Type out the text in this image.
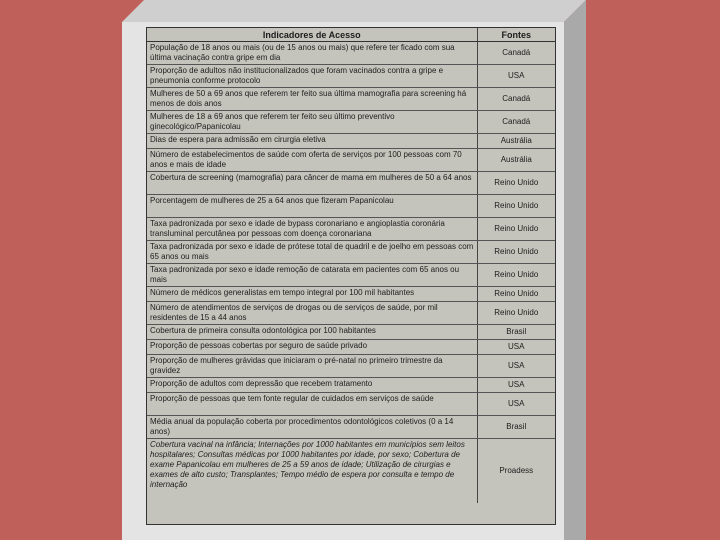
Indicadores de Acesso	Fontes
População de 18 anos ou mais (ou de 15 anos ou mais) que refere ter ficado com sua última vacinação contra gripe em dia	Canadá
Proporção de adultos não institucionalizados que foram vacinados contra a gripe e pneumonia conforme protocolo	USA
Mulheres de 50 a 69 anos que referem ter feito sua última mamografia para screening há menos de dois anos	Canadá
Mulheres de 18 a 69 anos que referem ter feito seu último preventivo ginecológico/Papanicolau	Canadá
Dias de espera para admissão em cirurgia eletiva	Austrália
Número de estabelecimentos de saúde com oferta de serviços por 100 pessoas com 70 anos e mais de idade	Austrália
Cobertura de screening (mamografia) para câncer de mama em mulheres de 50 a 64 anos	Reino Unido
Porcentagem de mulheres de 25 a 64 anos que fizeram Papanicolau	Reino Unido
Taxa padronizada por sexo e idade de bypass coronariano e angioplastia coronária transluminal percutânea por pessoas com doença coronariana	Reino Unido
Taxa padronizada por sexo e idade de prótese total de quadril e de joelho em pessoas com 65 anos ou mais	Reino Unido
Taxa padronizada por sexo e idade remoção de catarata em pacientes com 65 anos ou mais	Reino Unido
Número de médicos generalistas em tempo integral por 100 mil habitantes	Reino Unido
Número de atendimentos de serviços de drogas ou de serviços de saúde, por mil residentes de 15 a 44 anos	Reino Unido
Cobertura de primeira consulta odontológica por 100 habitantes	Brasil
Proporção de pessoas cobertas por seguro de saúde privado	USA
Proporção de mulheres grávidas que iniciaram o pré-natal no primeiro trimestre da gravidez	USA
Proporção de adultos com depressão que recebem tratamento	USA
Proporção de pessoas que tem fonte regular de cuidados em serviços de saúde	USA
Média anual da população coberta por procedimentos odontológicos coletivos (0 a 14 anos)	Brasil
Cobertura vacinal na infância; Internações por 1000 habitantes em municípios sem leitos hospitalares; Consultas médicas por 1000 habitantes por idade, por sexo; Cobertura de exame Papanicolau em mulheres de 25 a 59 anos de idade; Utilização de cirurgias e exames de alto custo; Transplantes; Tempo médio de espera por consulta e tempo de internação	Proadess
